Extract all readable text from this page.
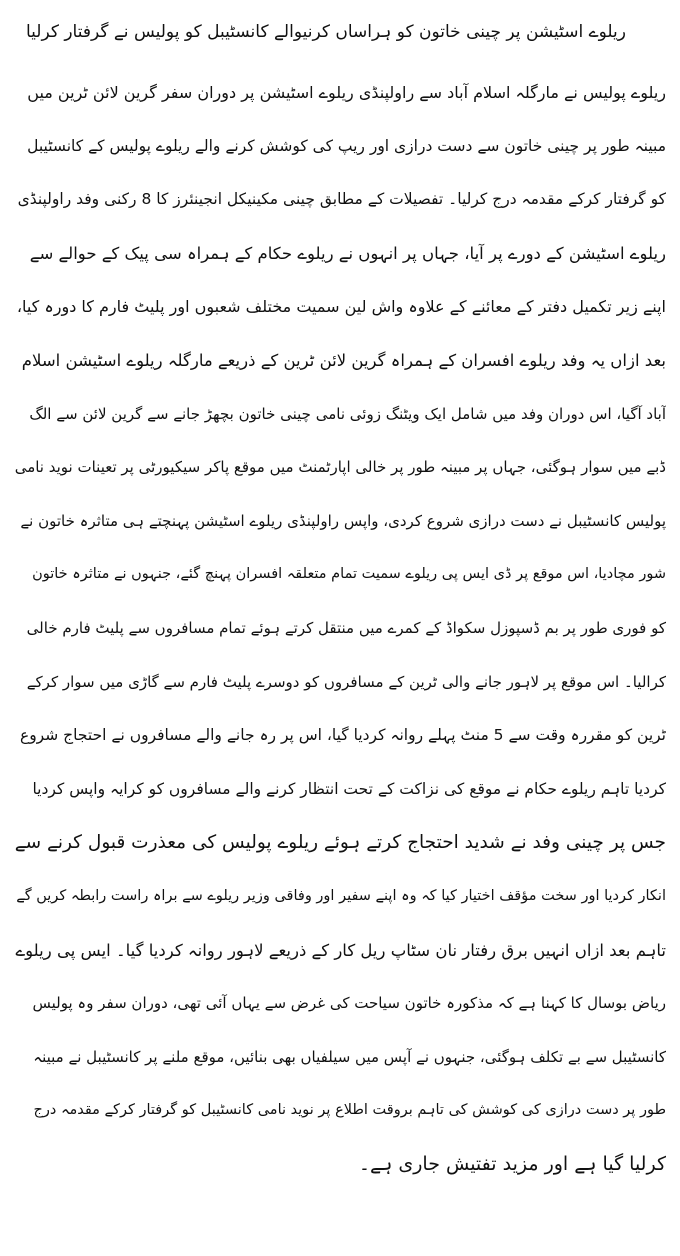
ریلوے اسٹیشن پر چینی خاتون کو ہراساں کرنیوالے کانسٹیبل کو پولیس نے گرفتار کرلیا
ریلوے پولیس نے مارگلہ اسلام آباد سے راولپنڈی ریلوے اسٹیشن پر دوران سفر گرین لائن ٹرین میں
مبینہ طور پر چینی خاتون سے دست درازی اور ریپ کی کوشش کرنے والے ریلوے پولیس کے کانسٹیبل
کو گرفتار کرکے مقدمہ درج کرلیا۔ تفصیلات کے مطابق چینی مکینیکل انجینئرز کا 8 رکنی وفد راولپنڈی
ریلوے اسٹیشن کے دورے پر آیا، جہاں پر انہوں نے ریلوے حکام کے ہمراہ سی پیک کے حوالے سے
اپنے زیر تکمیل دفتر کے معائنے کے علاوہ واش لین سمیت مختلف شعبوں اور پلیٹ فارم کا دورہ کیا،
بعد ازاں یہ وفد ریلوے افسران کے ہمراہ گرین لائن ٹرین کے ذریعے مارگلہ ریلوے اسٹیشن اسلام
آباد آگیا، اس دوران وفد میں شامل ایک ویٹنگ زوئی نامی چینی خاتون بچھڑ جانے سے گرین لائن سے الگ
ڈبے میں سوار ہوگئی، جہاں پر مبینہ طور پر خالی اپارٹمنٹ میں موقع پاکر سیکیورٹی پر تعینات نوید نامی
پولیس کانسٹیبل نے دست درازی شروع کردی، واپس راولپنڈی ریلوے اسٹیشن پہنچتے ہی متاثرہ خاتون نے
شور مچادیا، اس موقع پر ڈی ایس پی ریلوے سمیت تمام متعلقہ افسران پہنچ گئے، جنہوں نے متاثرہ خاتون
کو فوری طور پر بم ڈسپوزل سکواڈ کے کمرے میں منتقل کرتے ہوئے تمام مسافروں سے پلیٹ فارم خالی
کرالیا۔ اس موقع پر لاہور جانے والی ٹرین کے مسافروں کو دوسرے پلیٹ فارم سے گاڑی میں سوار کرکے
ٹرین کو مقررہ وقت سے 5 منٹ پہلے روانہ کردیا گیا، اس پر رہ جانے والے مسافروں نے احتجاج شروع
کردیا تاہم ریلوے حکام نے موقع کی نزاکت کے تحت انتظار کرنے والے مسافروں کو کرایہ واپس کردیا
جس پر چینی وفد نے شدید احتجاج کرتے ہوئے ریلوے پولیس کی معذرت قبول کرنے سے
انکار کردیا اور سخت مؤقف اختیار کیا کہ وہ اپنے سفیر اور وفاقی وزیر ریلوے سے براہ راست رابطہ کریں گے
تاہم بعد ازاں انہیں برق رفتار نان سٹاپ ریل کار کے ذریعے لاہور روانہ کردیا گیا۔ ایس پی ریلوے
ریاض بوسال کا کہنا ہے کہ مذکورہ خاتون سیاحت کی غرض سے یہاں آئی تھی، دوران سفر وہ پولیس
کانسٹیبل سے بے تکلف ہوگئی، جنہوں نے آپس میں سیلفیاں بھی بنائیں، موقع ملنے پر کانسٹیبل نے مبینہ
طور پر دست درازی کی کوشش کی تاہم بروقت اطلاع پر نوید نامی کانسٹیبل کو گرفتار کرکے مقدمہ درج
کرلیا گیا ہے اور مزید تفتیش جاری ہے۔
